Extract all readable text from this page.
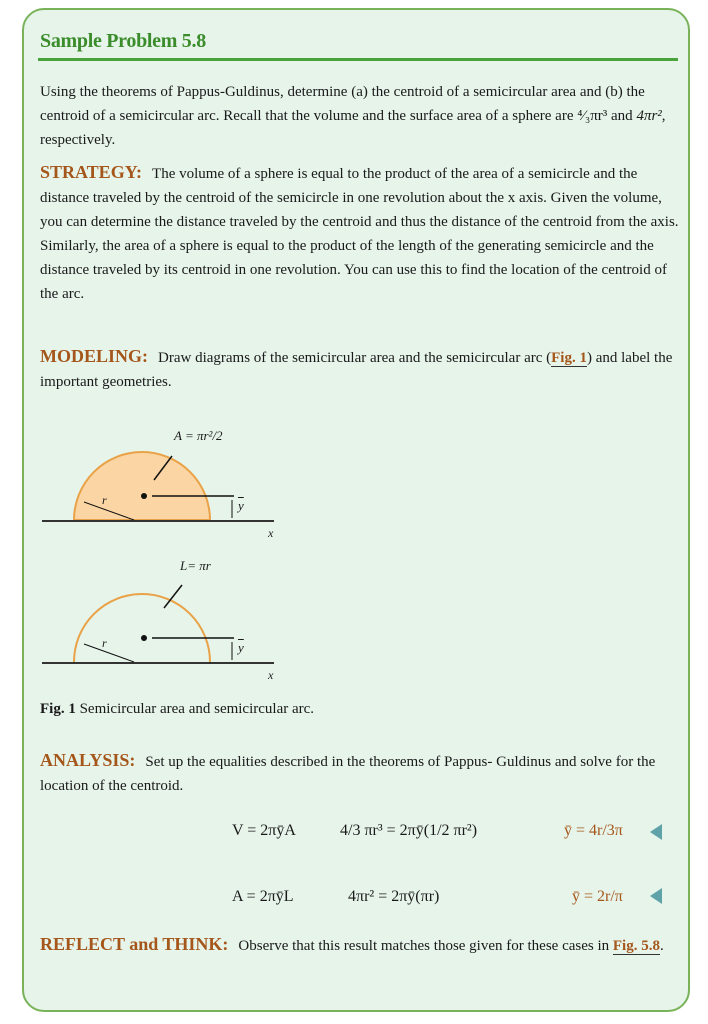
Sample Problem 5.8
Using the theorems of Pappus-Guldinus, determine (a) the centroid of a semicircular area and (b) the centroid of a semicircular arc. Recall that the volume and the surface area of a sphere are ⁴⁄₃πr³ and 4πr², respectively.
STRATEGY: The volume of a sphere is equal to the product of the area of a semicircle and the distance traveled by the centroid of the semicircle in one revolution about the x axis. Given the volume, you can determine the distance traveled by the centroid and thus the distance of the centroid from the axis. Similarly, the area of a sphere is equal to the product of the length of the generating semicircle and the distance traveled by its centroid in one revolution. You can use this to find the location of the centroid of the arc.
MODELING: Draw diagrams of the semicircular area and the semicircular arc (Fig. 1) and label the important geometries.
A = πr²/2
r	$\overline{y}$
x
L= πr
r	$\overline{y}$
x
Fig. 1 Semicircular area and semicircular arc.
ANALYSIS: Set up the equalities described in the theorems of Pappus- Guldinus and solve for the location of the centroid.
V = 2πȳA	4/3 πr³ = 2πȳ(1/2 πr²)	ȳ = 4r/3π
A = 2πȳL	4πr² = 2πȳ(πr)	ȳ = 2r/π
REFLECT and THINK: Observe that this result matches those given for these cases in Fig. 5.8.
